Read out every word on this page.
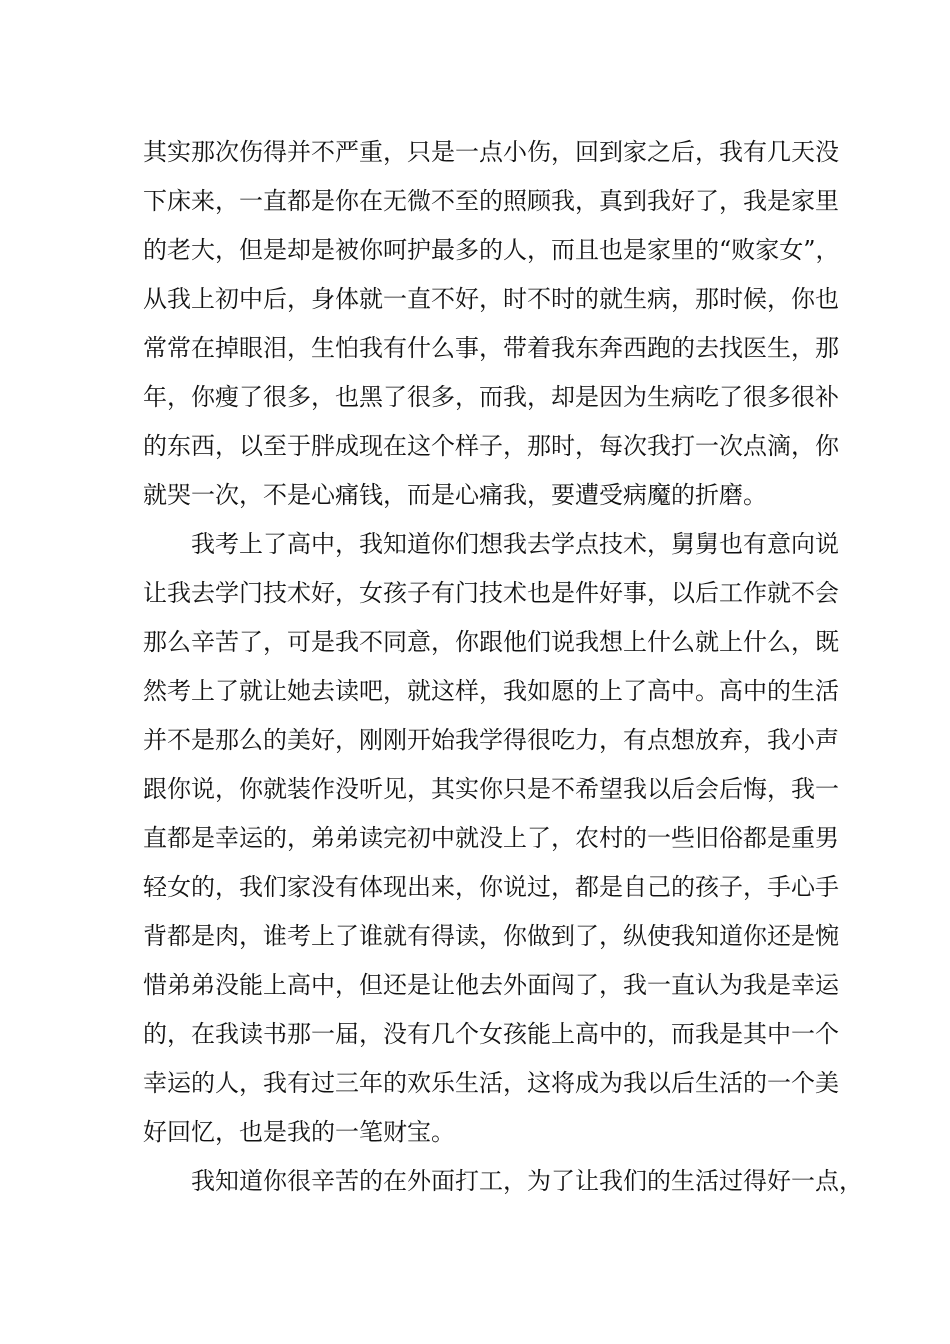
其实那次伤得并不严重，只是一点小伤，回到家之后，我有几天没
下床来，一直都是你在无微不至的照顾我，真到我好了，我是家里
的老大，但是却是被你呵护最多的人，而且也是家里的“败家女”，
从我上初中后，身体就一直不好，时不时的就生病，那时候，你也
常常在掉眼泪，生怕我有什么事，带着我东奔西跑的去找医生，那
年，你瘦了很多，也黑了很多，而我，却是因为生病吃了很多很补
的东西，以至于胖成现在这个样子，那时，每次我打一次点滴，你
就哭一次，不是心痛钱，而是心痛我，要遭受病魔的折磨。
我考上了高中，我知道你们想我去学点技术，舅舅也有意向说
让我去学门技术好，女孩子有门技术也是件好事，以后工作就不会
那么辛苦了，可是我不同意，你跟他们说我想上什么就上什么，既
然考上了就让她去读吧，就这样，我如愿的上了高中。高中的生活
并不是那么的美好，刚刚开始我学得很吃力，有点想放弃，我小声
跟你说，你就装作没听见，其实你只是不希望我以后会后悔，我一
直都是幸运的，弟弟读完初中就没上了，农村的一些旧俗都是重男
轻女的，我们家没有体现出来，你说过，都是自己的孩子，手心手
背都是肉，谁考上了谁就有得读，你做到了，纵使我知道你还是惋
惜弟弟没能上高中，但还是让他去外面闯了，我一直认为我是幸运
的，在我读书那一届，没有几个女孩能上高中的，而我是其中一个
幸运的人，我有过三年的欢乐生活，这将成为我以后生活的一个美
好回忆，也是我的一笔财宝。
我知道你很辛苦的在外面打工，为了让我们的生活过得好一点，
